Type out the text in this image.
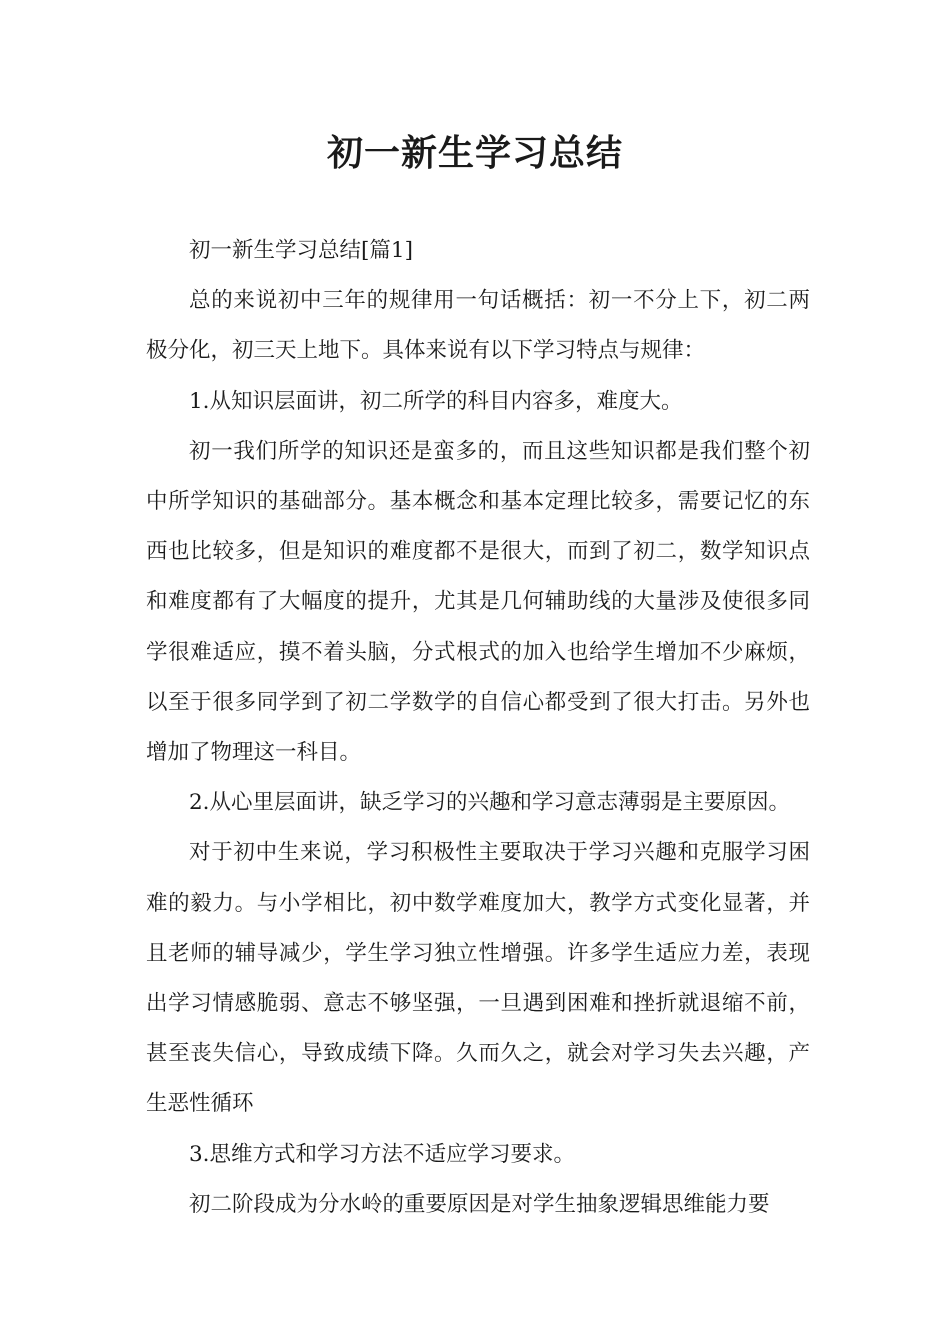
初一新生学习总结

初一新生学习总结[篇1]

总的来说初中三年的规律用一句话概括：初一不分上下，初二两极分化，初三天上地下。具体来说有以下学习特点与规律：

1.从知识层面讲，初二所学的科目内容多，难度大。

初一我们所学的知识还是蛮多的，而且这些知识都是我们整个初中所学知识的基础部分。基本概念和基本定理比较多，需要记忆的东西也比较多，但是知识的难度都不是很大，而到了初二，数学知识点和难度都有了大幅度的提升，尤其是几何辅助线的大量涉及使很多同学很难适应，摸不着头脑，分式根式的加入也给学生增加不少麻烦，以至于很多同学到了初二学数学的自信心都受到了很大打击。另外也增加了物理这一科目。

2.从心里层面讲，缺乏学习的兴趣和学习意志薄弱是主要原因。

对于初中生来说，学习积极性主要取决于学习兴趣和克服学习困难的毅力。与小学相比，初中数学难度加大，教学方式变化显著，并且老师的辅导减少，学生学习独立性增强。许多学生适应力差，表现出学习情感脆弱、意志不够坚强，一旦遇到困难和挫折就退缩不前，甚至丧失信心，导致成绩下降。久而久之，就会对学习失去兴趣，产生恶性循环

3.思维方式和学习方法不适应学习要求。

初二阶段成为分水岭的重要原因是对学生抽象逻辑思维能力要
